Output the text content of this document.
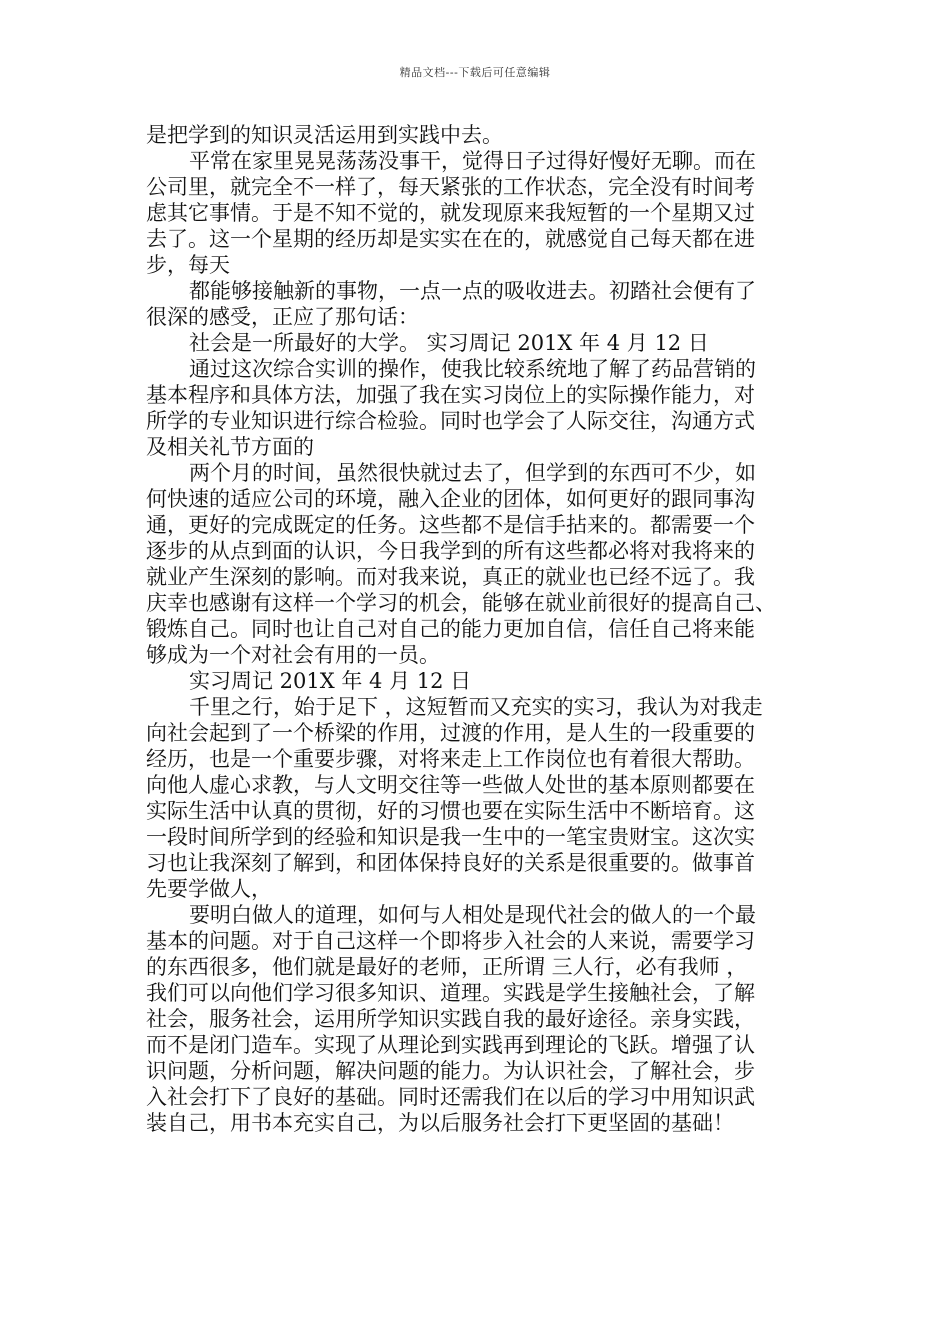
精品文档---下载后可任意编辑
是把学到的知识灵活运用到实践中去。
平常在家里晃晃荡荡没事干，觉得日子过得好慢好无聊。而在
公司里，就完全不一样了，每天紧张的工作状态，完全没有时间考
虑其它事情。于是不知不觉的，就发现原来我短暂的一个星期又过
去了。这一个星期的经历却是实实在在的，就感觉自己每天都在进
步，每天
都能够接触新的事物，一点一点的吸收进去。初踏社会便有了
很深的感受，正应了那句话：
社会是一所最好的大学。 实习周记 201X 年 4 月 12 日
通过这次综合实训的操作，使我比较系统地了解了药品营销的
基本程序和具体方法，加强了我在实习岗位上的实际操作能力，对
所学的专业知识进行综合检验。同时也学会了人际交往，沟通方式
及相关礼节方面的
两个月的时间，虽然很快就过去了，但学到的东西可不少，如
何快速的适应公司的环境，融入企业的团体，如何更好的跟同事沟
通，更好的完成既定的任务。这些都不是信手拈来的。都需要一个
逐步的从点到面的认识，今日我学到的所有这些都必将对我将来的
就业产生深刻的影响。而对我来说，真正的就业也已经不远了。我
庆幸也感谢有这样一个学习的机会，能够在就业前很好的提高自己、
锻炼自己。同时也让自己对自己的能力更加自信，信任自己将来能
够成为一个对社会有用的一员。
实习周记 201X 年 4 月 12 日
千里之行，始于足下 ，这短暂而又充实的实习，我认为对我走
向社会起到了一个桥梁的作用，过渡的作用，是人生的一段重要的
经历，也是一个重要步骤，对将来走上工作岗位也有着很大帮助。
向他人虚心求教，与人文明交往等一些做人处世的基本原则都要在
实际生活中认真的贯彻，好的习惯也要在实际生活中不断培育。这
一段时间所学到的经验和知识是我一生中的一笔宝贵财宝。这次实
习也让我深刻了解到，和团体保持良好的关系是很重要的。做事首
先要学做人，
要明白做人的道理，如何与人相处是现代社会的做人的一个最
基本的问题。对于自己这样一个即将步入社会的人来说，需要学习
的东西很多，他们就是最好的老师，正所谓 三人行，必有我师 ，
我们可以向他们学习很多知识、道理。实践是学生接触社会，了解
社会，服务社会，运用所学知识实践自我的最好途径。亲身实践，
而不是闭门造车。实现了从理论到实践再到理论的飞跃。增强了认
识问题，分析问题，解决问题的能力。为认识社会，了解社会，步
入社会打下了良好的基础。同时还需我们在以后的学习中用知识武
装自己，用书本充实自己，为以后服务社会打下更坚固的基础！
